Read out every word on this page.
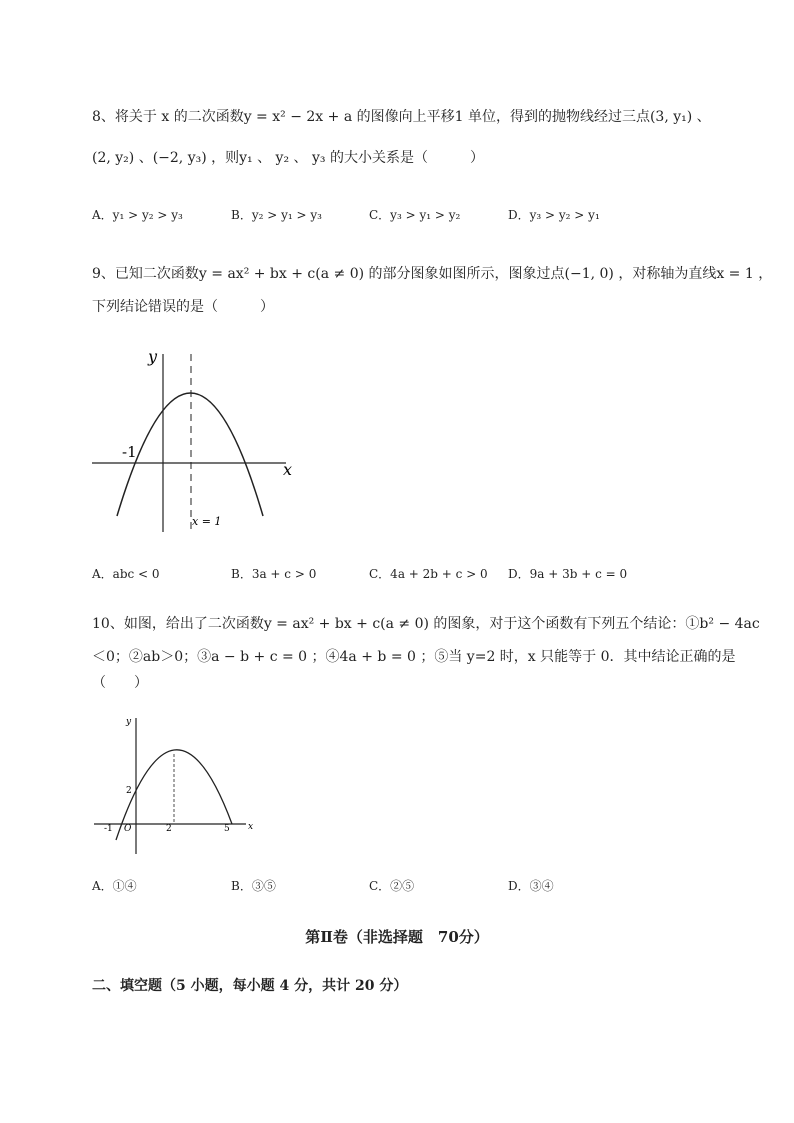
8、将关于 x 的二次函数y = x² − 2x + a 的图像向上平移1 单位，得到的抛物线经过三点(3, y₁) 、
(2, y₂) 、(−2, y₃) ，则y₁ 、 y₂ 、 y₃ 的大小关系是（　　　）
A．y₁ > y₂ > y₃	B．y₂ > y₁ > y₃	C．y₃ > y₁ > y₂	D．y₃ > y₂ > y₁
9、已知二次函数y = ax² + bx + c(a ≠ 0) 的部分图象如图所示，图象过点(−1, 0) ，对称轴为直线x = 1 ，
下列结论错误的是（　　　）
y
x
-1
x = 1
A．abc < 0	B．3a + c > 0	C．4a + 2b + c > 0 D．9a + 3b + c = 0
10、如图，给出了二次函数y = ax² + bx + c(a ≠ 0) 的图象，对于这个函数有下列五个结论：①b² − 4ac
＜0；②ab＞0；③a − b + c = 0 ；④4a + b = 0 ；⑤当 y=2 时，x 只能等于 0．其中结论正确的是
（　　）
y
x
-1 O
2
2	5
A．①④	B．③⑤	C．②⑤	D．③④
第Ⅱ卷（非选择题　70分）
二、填空题（5 小题，每小题 4 分，共计 20 分）
